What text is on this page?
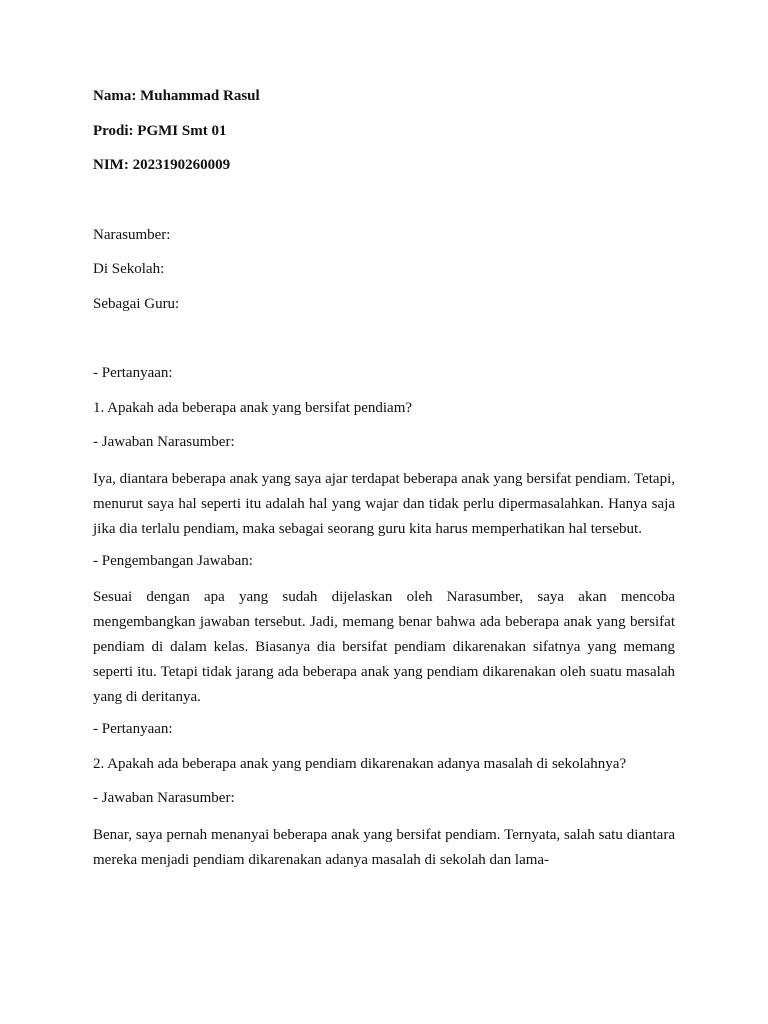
Nama: Muhammad Rasul

Prodi: PGMI Smt 01

NIM: 2023190260009

Narasumber:

Di Sekolah:

Sebagai Guru:

- Pertanyaan:

1. Apakah ada beberapa anak yang bersifat pendiam?

- Jawaban Narasumber:

Iya, diantara beberapa anak yang saya ajar terdapat beberapa anak yang bersifat pendiam. Tetapi, menurut saya hal seperti itu adalah hal yang wajar dan tidak perlu dipermasalahkan. Hanya saja jika dia terlalu pendiam, maka sebagai seorang guru kita harus memperhatikan hal tersebut.

- Pengembangan Jawaban:

Sesuai dengan apa yang sudah dijelaskan oleh Narasumber, saya akan mencoba mengembangkan jawaban tersebut. Jadi, memang benar bahwa ada beberapa anak yang bersifat pendiam di dalam kelas. Biasanya dia bersifat pendiam dikarenakan sifatnya yang memang seperti itu. Tetapi tidak jarang ada beberapa anak yang pendiam dikarenakan oleh suatu masalah yang di deritanya.

- Pertanyaan:

2. Apakah ada beberapa anak yang pendiam dikarenakan adanya masalah di sekolahnya?

- Jawaban Narasumber:

Benar, saya pernah menanyai beberapa anak yang bersifat pendiam. Ternyata, salah satu diantara mereka menjadi pendiam dikarenakan adanya masalah di sekolah dan lama-
